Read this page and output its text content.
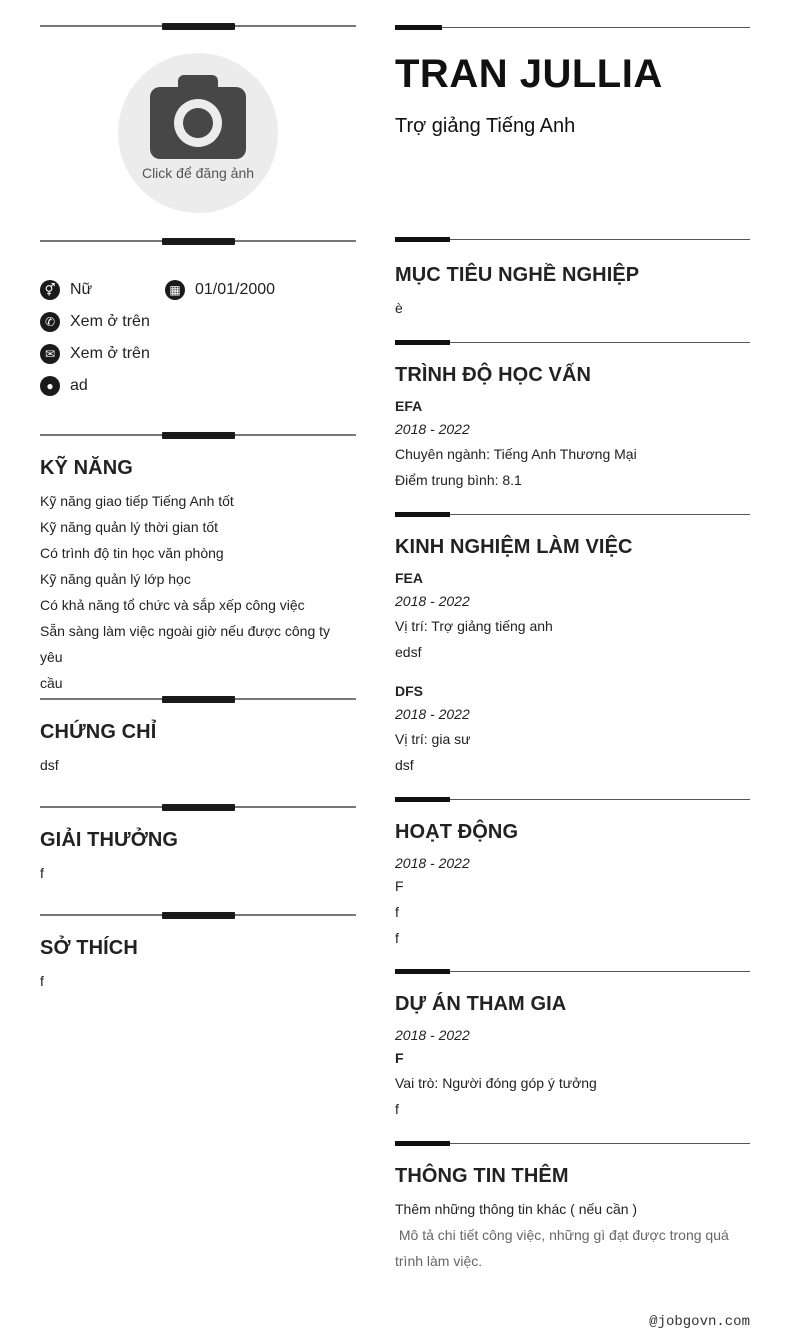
Click để đăng ảnh
⚥ Nữ	▦ 01/01/2000
✆ Xem ở trên
✉ Xem ở trên
●	ad
KỸ NĂNG
Kỹ năng giao tiếp Tiếng Anh tốt
Kỹ năng quản lý thời gian tốt
Có trình độ tin học văn phòng
Kỹ năng quản lý lớp học
Có khả năng tổ chức và sắp xếp công việc
Sẵn sàng làm việc ngoài giờ nếu được công ty yêu
cầu
CHỨNG CHỈ
dsf
GIẢI THƯỞNG
f
SỞ THÍCH
f
TRAN JULLIA
Trợ giảng Tiếng Anh
MỤC TIÊU NGHỀ NGHIỆP
è
TRÌNH ĐỘ HỌC VẤN
EFA
2018 - 2022
Chuyên ngành: Tiếng Anh Thương Mại
Điểm trung bình: 8.1
KINH NGHIỆM LÀM VIỆC
FEA
2018 - 2022
Vị trí: Trợ giảng tiếng anh
edsf
DFS
2018 - 2022
Vị trí: gia sư
dsf
HOẠT ĐỘNG
2018 - 2022
F
f
f
DỰ ÁN THAM GIA
2018 - 2022
F
Vai trò: Người đóng góp ý tưởng
f
THÔNG TIN THÊM
Thêm những thông tin khác ( nếu cần )
Mô tả chi tiết công việc, những gì đạt được trong quá
trình làm việc.
@jobgovn.com
